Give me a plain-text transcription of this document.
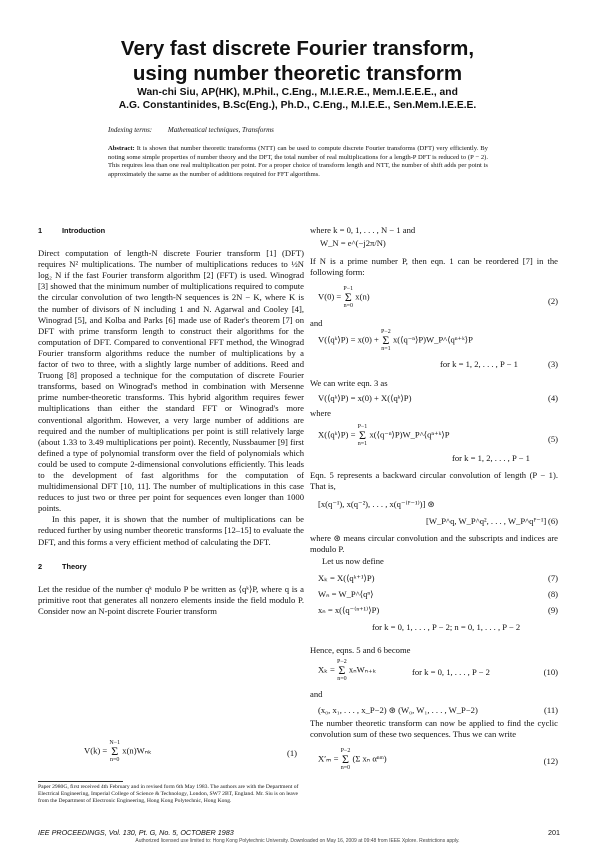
Very fast discrete Fourier transform,
using number theoretic transform
Wan-chi Siu, AP(HK), M.Phil., C.Eng., M.I.E.R.E., Mem.I.E.E.E., and
A.G. Constantinides, B.Sc(Eng.), Ph.D., C.Eng., M.I.E.E., Sen.Mem.I.E.E.E.
Indexing terms: Mathematical techniques, Transforms
Abstract: It is shown that number theoretic transforms (NTT) can be used to compute discrete Fourier transforms (DFT) very efficiently. By noting some simple properties of number theory and the DFT, the total number of real multiplications for a length-P DFT is reduced to (P − 2). This requires less than one real multiplication per point. For a proper choice of transform length and NTT, the number of shift adds per point is approximately the same as the number of additions required for FFT algorithms.
1	Introduction

Direct computation of length-N discrete Fourier transform [1] (DFT) requires N² multiplications. The number of multiplications reduces to ½N log₂ N if the fast Fourier transform algorithm [2] (FFT) is used. Winograd [3] showed that the minimum number of multiplications required to compute the circular convolution of two length-N sequences is 2N − K, where K is the number of divisors of N including 1 and N. Agarwal and Cooley [4], Winograd [5], and Kolba and Parks [6] made use of Rader's theorem [7] on DFT with prime transform length to construct their algorithms for the computation of DFT. Compared to conventional FFT method, the Winograd Fourier transform algorithms reduce the number of multiplications by a factor of two to three, with a slightly large number of additions. Reed and Truong [8] proposed a technique for the computation of discrete Fourier transforms, based on Winograd's method in combination with Mersenne prime number-theoretic transforms. This hybrid algorithm requires fewer multiplications than either the standard FFT or Winograd's more conventional algorithm. However, a very large number of additions are required and the number of multiplications per point is still relatively large (about 1.33 to 3.49 multiplications per point). Recently, Nussbaumer [9] first defined a type of polynomial transform over the field of polynomials which could be used to compute 2-dimensional convolutions efficiently. This leads to the development of fast algorithms for the computation of multidimensional DFT [10, 11]. The number of multiplications in this case reduces to just two or three per point for sequences even longer than 1000 points.

In this paper, it is shown that the number of multiplications can be reduced further by using number theoretic transforms [12–15] to evaluate the DFT, and this forms a very efficient method of calculating the DFT.

2	Theory

Let the residue of the number qᵏ modulo P be written as ⟨qᵏ⟩P, where q is a primitive root that generates all nonzero elements inside the field modulo P. Consider now an N-point discrete Fourier transform

V(k) = N−1
Σ
n=0 x(n)Wₙₖ	(1)
Paper 2980G, first received 4th February and in revised form 6th May 1983. The authors are with the Department of Electrical Engineering, Imperial College of Science & Technology, London, SW7 2BT, England. Mr. Siu is on leave from the Department of Electronic Engineering, Hong Kong Polytechnic, Hong Kong.
where k = 0, 1, . . . , N − 1 and
W_N = e^(−j2π/N)
If N is a prime number P, then eqn. 1 can be reordered [7] in the following form:
V(0) = P−1
Σ
n=0 x(n)	(2)
and
V(⟨qᵏ⟩P) = x(0) + P−2
Σ
n=1 x(⟨q⁻ⁿ⟩P)W_P^⟨qⁿ⁺ᵏ⟩P
for k = 1, 2, . . . , P − 1	(3)
We can write eqn. 3 as
V(⟨qᵏ⟩P) = x(0) + X(⟨qᵏ⟩P)	(4)
where
X(⟨qᵏ⟩P) = P−1
Σ
n=1 x(⟨q⁻ⁿ⟩P)W_P^⟨qⁿ⁺ᵏ⟩P	(5)
for k = 1, 2, . . . , P − 1
Eqn. 5 represents a backward circular convolution of length (P − 1). That is,
[x(q⁻¹), x(q⁻²), . . . , x(q⁻⁽ᴾ⁻¹⁾)] ⊛
[W_P^q, W_P^q², . . . , W_P^qᴾ⁻¹] (6)
where ⊛ means circular convolution and the subscripts and indices are modulo P.
Let us now define
Xₖ = X(⟨qᵏ⁺¹⟩P)	(7)
Wₙ = W_P^⟨qⁿ⟩	(8)
xₙ = x(⟨q⁻⁽ⁿ⁺¹⁾⟩P)	(9)
for k = 0, 1, . . . , P − 2; n = 0, 1, . . . , P − 2
Hence, eqns. 5 and 6 become
Xₖ = P−2
Σ
n=0 xₙWₙ₊ₖ	for k = 0, 1, . . . , P − 2	(10)
and
(x₀, x₁, . . . , x_P−2) ⊛ (W₀, W₁, . . . , W_P−2)	(11)
The number theoretic transform can now be applied to find the cyclic convolution sum of these two sequences. Thus we can write
X′ₘ = P−2
Σ
n=0 (Σ xₙ αⁿᵐ)	(12)
IEE PROCEEDINGS, Vol. 130, Pt. G, No. 5, OCTOBER 1983	201
Authorized licensed use limited to: Hong Kong Polytechnic University. Downloaded on May 16, 2009 at 09:48 from IEEE Xplore. Restrictions apply.
